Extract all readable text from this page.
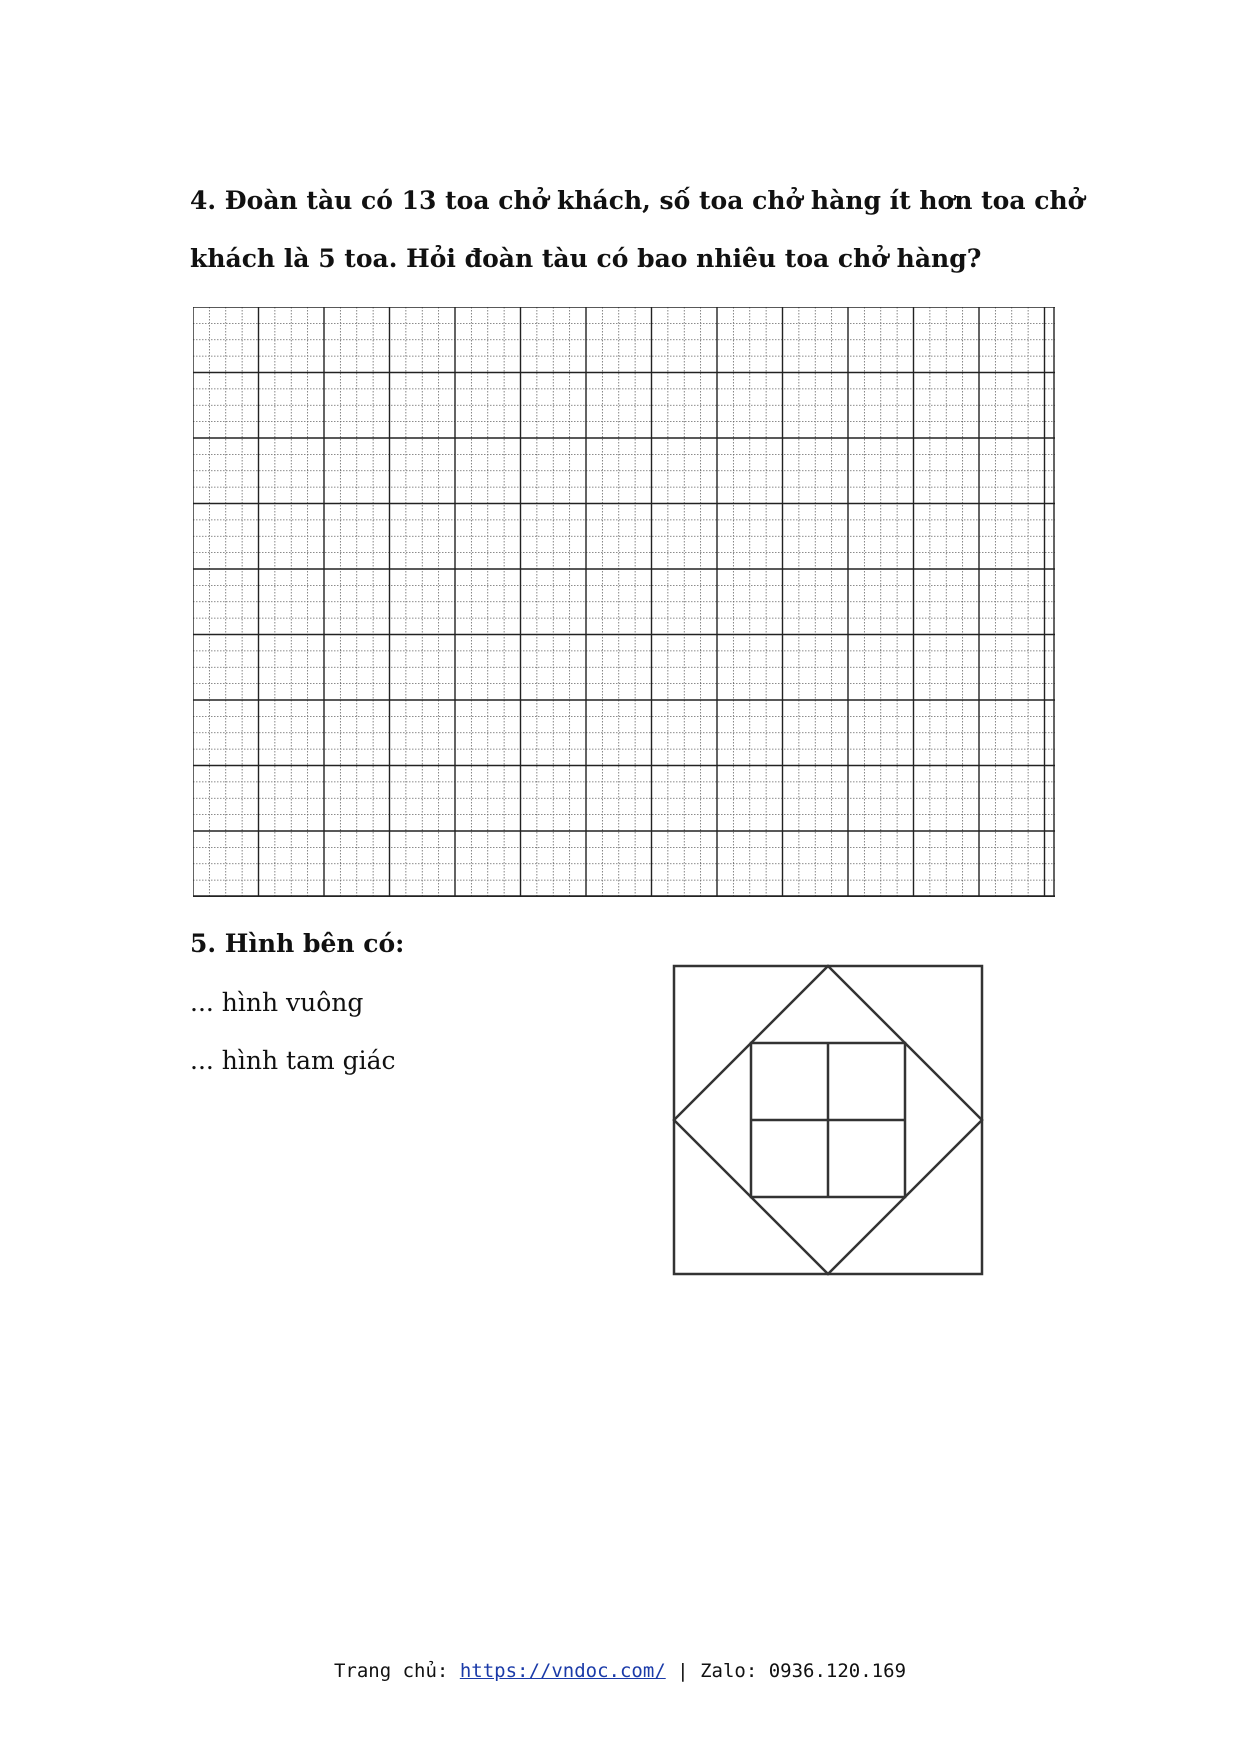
4. Đoàn tàu có 13 toa chở khách, số toa chở hàng ít hơn toa chở

khách là 5 toa. Hỏi đoàn tàu có bao nhiêu toa chở hàng?

5. Hình bên có:

... hình vuông

... hình tam giác

Trang chủ: https://vndoc.com/ | Zalo: 0936.120.169
